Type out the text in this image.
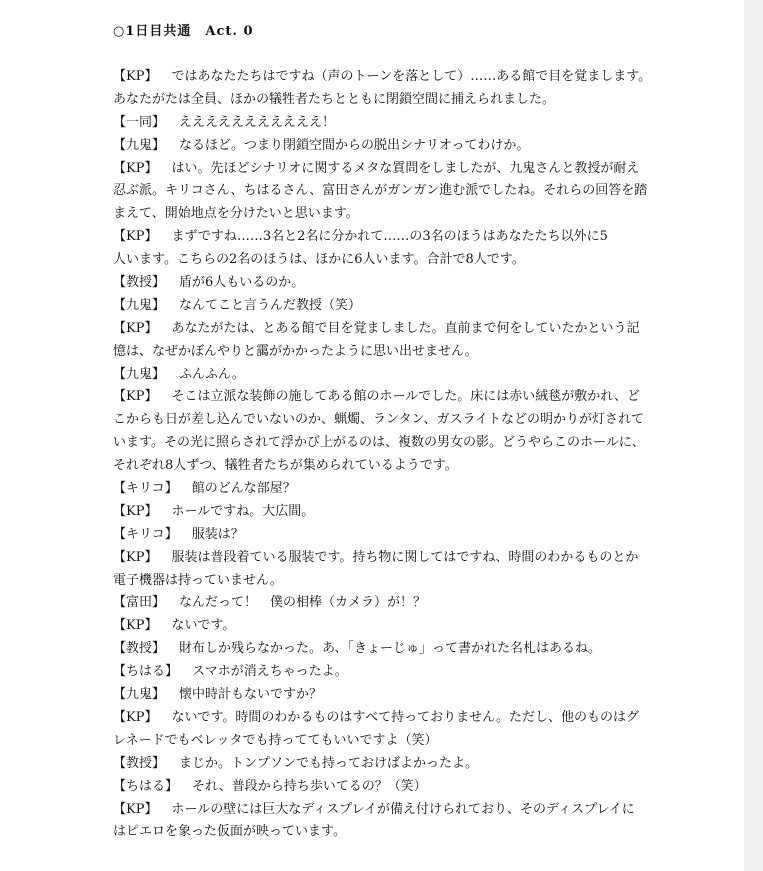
○1日目共通　Act. 0
【KP】 ではあなたたちはですね（声のトーンを落として）……ある館で目を覚まします。
あなたがたは全員、ほかの犠牲者たちとともに閉鎖空間に捕えられました。
【一同】 えええええええええええ！
【九鬼】 なるほど。つまり閉鎖空間からの脱出シナリオってわけか。
【KP】 はい。先ほどシナリオに関するメタな質問をしましたが、九鬼さんと教授が耐え
忍ぶ派。キリコさん、ちはるさん、富田さんがガンガン進む派でしたね。それらの回答を踏
まえて、開始地点を分けたいと思います。
【KP】 まずですね……3名と2名に分かれて……の3名のほうはあなたたち以外に5
人います。こちらの2名のほうは、ほかに6人います。合計で8人です。
【教授】 盾が6人もいるのか。
【九鬼】 なんてこと言うんだ教授（笑）
【KP】 あなたがたは、とある館で目を覚ましました。直前まで何をしていたかという記
憶は、なぜかぼんやりと靄がかかったように思い出せません。
【九鬼】 ふんふん。
【KP】 そこは立派な装飾の施してある館のホールでした。床には赤い絨毯が敷かれ、ど
こからも日が差し込んでいないのか、蝋燭、ランタン、ガスライトなどの明かりが灯されて
います。その光に照らされて浮かび上がるのは、複数の男女の影。どうやらこのホールに、
それぞれ8人ずつ、犠牲者たちが集められているようです。
【キリコ】 館のどんな部屋？
【KP】 ホールですね。大広間。
【キリコ】 服装は？
【KP】 服装は普段着ている服装です。持ち物に関してはですね、時間のわかるものとか
電子機器は持っていません。
【富田】 なんだって！　僕の相棒（カメラ）が！？
【KP】 ないです。
【教授】 財布しか残らなかった。あ、「きょーじゅ」って書かれた名札はあるね。
【ちはる】 スマホが消えちゃったよ。
【九鬼】 懐中時計もないですか？
【KP】 ないです。時間のわかるものはすべて持っておりません。ただし、他のものはグ
レネードでもベレッタでも持っててもいいですよ（笑）
【教授】 まじか。トンプソンでも持っておけばよかったよ。
【ちはる】 それ、普段から持ち歩いてるの？（笑）
【KP】 ホールの壁には巨大なディスプレイが備え付けられており、そのディスプレイに
はピエロを象った仮面が映っています。
